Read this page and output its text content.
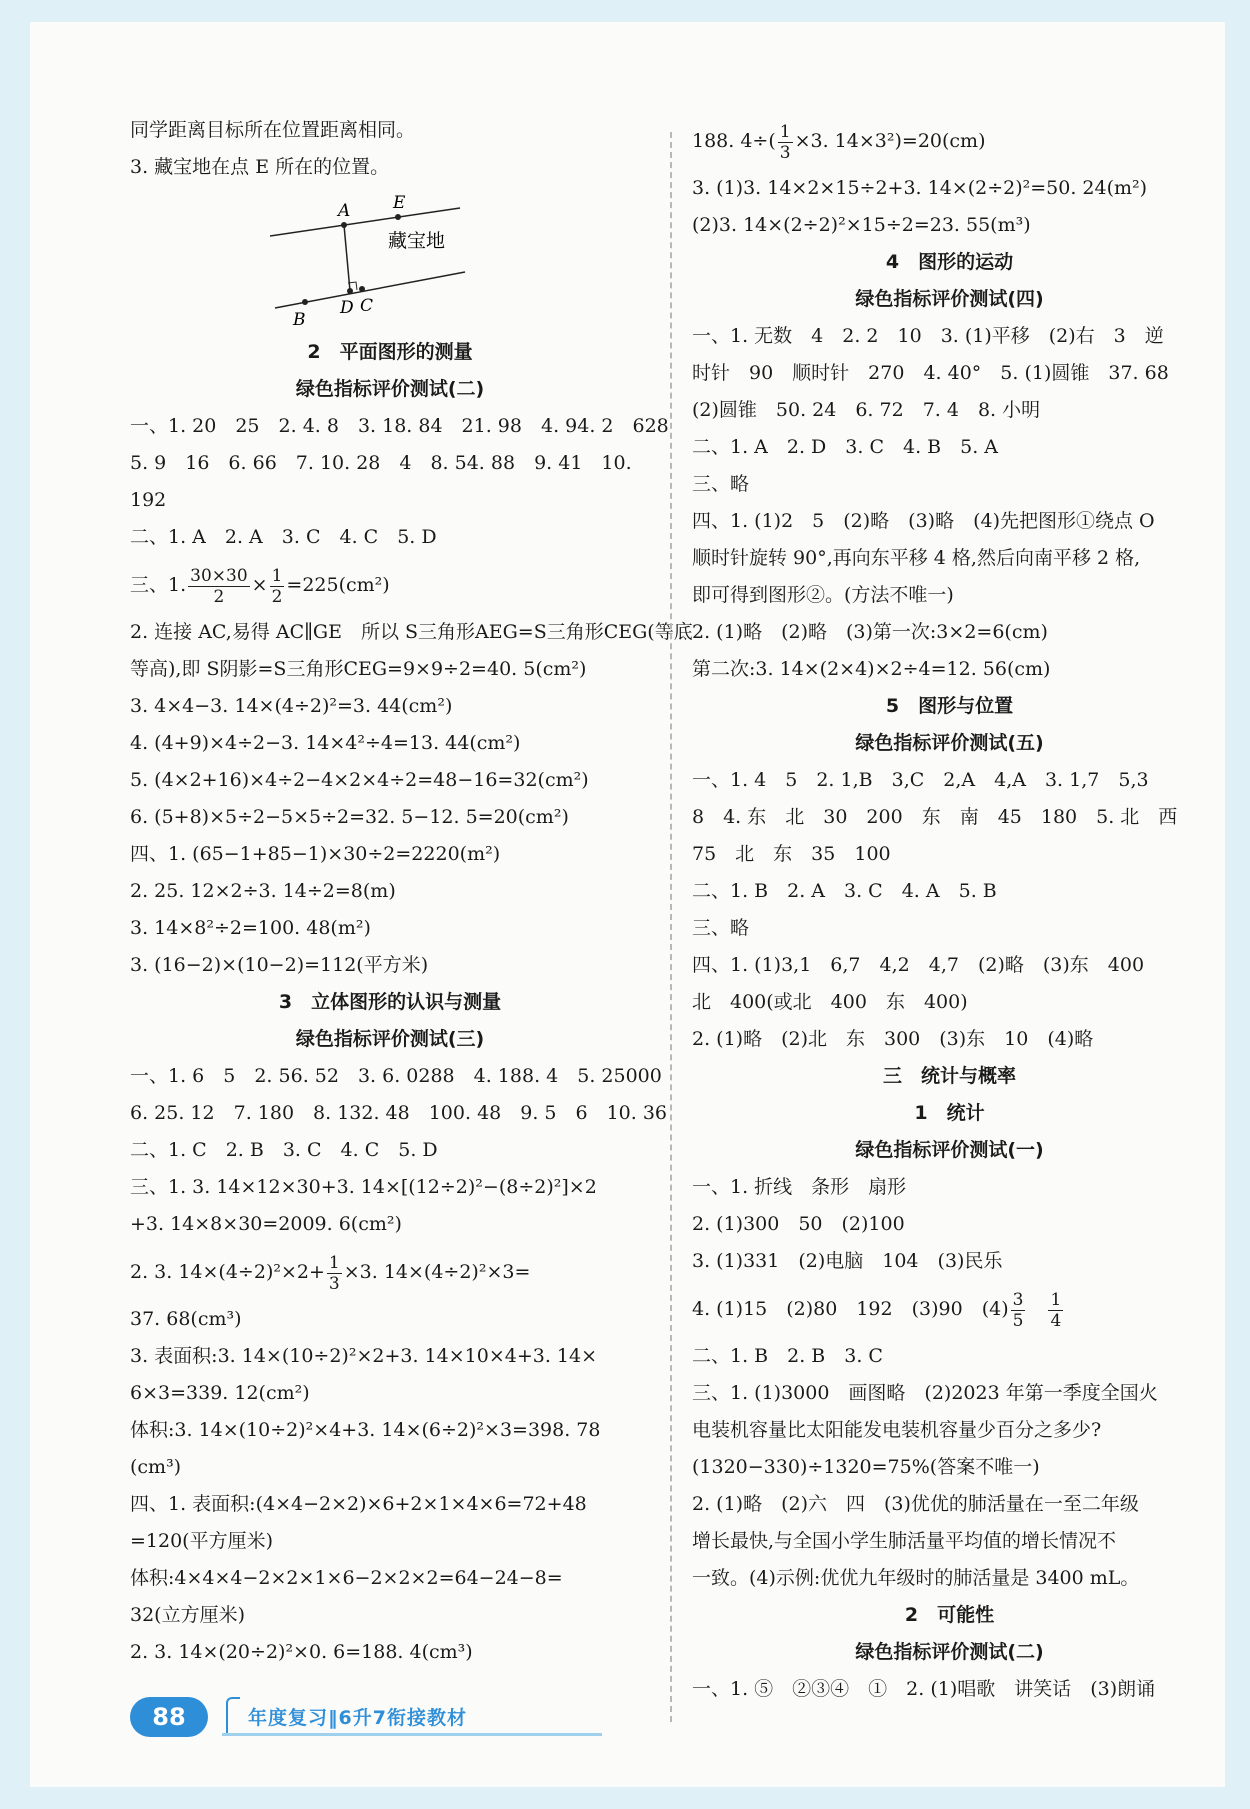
同学距离目标所在位置距离相同。
3. 藏宝地在点 E 所在的位置。
A	E
藏宝地
B
D C
2　平面图形的测量
绿色指标评价测试(二)
一、1. 20　25　2. 4. 8　3. 18. 84　21. 98　4. 94. 2　628
5. 9　16　6. 66　7. 10. 28　4　8. 54. 88　9. 41　10.
192
二、1. A　2. A　3. C　4. C　5. D
三、1. $\frac{30\times 30}{2} \times \frac{1}{2} =225(cm^2)$
2. 连接 AC,易得 AC∥GE　所以 S三角形AEG=S三角形CEG(等底
等高),即 S阴影=S三角形CEG=9×9÷2=40. 5(cm²)
3. 4×4−3. 14×(4÷2)²=3. 44(cm²)
4. (4+9)×4÷2−3. 14×4²÷4=13. 44(cm²)
5. (4×2+16)×4÷2−4×2×4÷2=48−16=32(cm²)
6. (5+8)×5÷2−5×5÷2=32. 5−12. 5=20(cm²)
四、1. (65−1+85−1)×30÷2=2220(m²)
2. 25. 12×2÷3. 14÷2=8(m)
3. 14×8²÷2=100. 48(m²)
3. (16−2)×(10−2)=112(平方米)
3　立体图形的认识与测量
绿色指标评价测试(三)
一、1. 6　5　2. 56. 52　3. 6. 0288　4. 188. 4　5. 25000
6. 25. 12　7. 180　8. 132. 48　100. 48　9. 5　6　10. 36
二、1. C　2. B　3. C　4. C　5. D
三、1. 3. 14×12×30+3. 14×[(12÷2)²−(8÷2)²]×2
+3. 14×8×30=2009. 6(cm²)
2. 3. $14\times(4\div 2)^2\times 2+ \frac{1}{3} \times 3$. 14×(4÷2)²×3=
37. 68(cm³)
3. 表面积:3. 14×(10÷2)²×2+3. 14×10×4+3. 14×
6×3=339. 12(cm²)
体积:3. 14×(10÷2)²×4+3. 14×(6÷2)²×3=398. 78
(cm³)
四、1. 表面积:(4×4−2×2)×6+2×1×4×6=72+48
=120(平方厘米)
体积:4×4×4−2×2×1×6−2×2×2=64−24−8=
32(立方厘米)
2. 3. 14×(20÷2)²×0. 6=188. 4(cm³)
188. $4\div( \frac{1}{3} \times 3$. 14×3²)=20(cm)
3. (1)3. 14×2×15÷2+3. 14×(2÷2)²=50. 24(m²)
(2)3. 14×(2÷2)²×15÷2=23. 55(m³)
4　图形的运动
绿色指标评价测试(四)
一、1. 无数　4　2. 2　10　3. (1)平移　(2)右　3　逆
时针　90　顺时针　270　4. 40°　5. (1)圆锥　37. 68
(2)圆锥　50. 24　6. 72　7. 4　8. 小明
二、1. A　2. D　3. C　4. B　5. A
三、略
四、1. (1)2　5　(2)略　(3)略　(4)先把图形①绕点 O
顺时针旋转 90°,再向东平移 4 格,然后向南平移 2 格,
即可得到图形②。(方法不唯一)
2. (1)略　(2)略　(3)第一次:3×2=6(cm)
第二次:3. 14×(2×4)×2÷4=12. 56(cm)
5　图形与位置
绿色指标评价测试(五)
一、1. 4　5　2. 1,B　3,C　2,A　4,A　3. 1,7　5,3
8　4. 东　北　30　200　东　南　45　180　5. 北　西
75　北　东　35　100
二、1. B　2. A　3. C　4. A　5. B
三、略
四、1. (1)3,1　6,7　4,2　4,7　(2)略　(3)东　400
北　400(或北　400　东　400)
2. (1)略　(2)北　东　300　(3)东　10　(4)略
三　统计与概率
1　统计
绿色指标评价测试(一)
一、1. 折线　条形　扇形
2. (1)300　50　(2)100
3. (1)331　(2)电脑　104　(3)民乐
4. (1)15　(2)80　192　(3)90　$(4) \frac{3}{5}$
　 $\frac{1}{4}$
二、1. B　2. B　3. C
三、1. (1)3000　画图略　(2)2023 年第一季度全国火
电装机容量比太阳能发电装机容量少百分之多少?
(1320−330)÷1320=75%(答案不唯一)
2. (1)略　(2)六　四　(3)优优的肺活量在一至二年级
增长最快,与全国小学生肺活量平均值的增长情况不
一致。(4)示例:优优九年级时的肺活量是 3400 mL。
2　可能性
绿色指标评价测试(二)
一、1. ⑤　②③④　①　2. (1)唱歌　讲笑话　(3)朗诵
88	年度复习‖6升7衔接教材
